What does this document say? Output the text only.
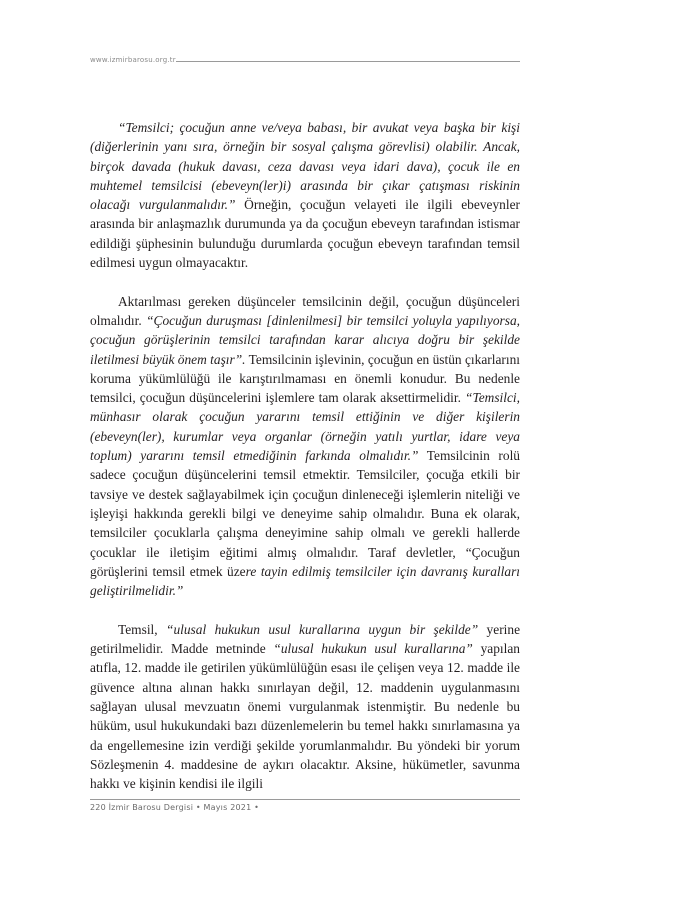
www.izmirbarosu.org.tr

“Temsilci; çocuğun anne ve/veya babası, bir avukat veya başka bir kişi (diğerlerinin yanı sıra, örneğin bir sosyal çalışma görevlisi) olabilir. Ancak, birçok davada (hukuk davası, ceza davası veya idari dava), çocuk ile en muhtemel temsilcisi (ebeveyn(ler)i) arasında bir çıkar çatışması riskinin olacağı vurgulanmalıdır.” Örneğin, çocuğun velayeti ile ilgili ebeveynler arasında bir anlaşmazlık durumunda ya da çocuğun ebeveyn tarafından istismar edildiği şüphesinin bulunduğu durumlarda çocuğun ebeveyn tarafından temsil edilmesi uygun olmayacaktır.

Aktarılması gereken düşünceler temsilcinin değil, çocuğun düşünceleri olmalıdır. “Çocuğun duruşması [dinlenilmesi] bir temsilci yoluyla yapılıyorsa, çocuğun görüşlerinin temsilci tarafından karar alıcıya doğru bir şekilde iletilmesi büyük önem taşır”. Temsilcinin işlevinin, çocuğun en üstün çıkarlarını koruma yükümlülüğü ile karıştırılmaması en önemli konudur. Bu nedenle temsilci, çocuğun düşüncelerini işlemlere tam olarak aksettirmelidir. “Temsilci, münhasır olarak çocuğun yararını temsil ettiğinin ve diğer kişilerin (ebeveyn(ler), kurumlar veya organlar (örneğin yatılı yurtlar, idare veya toplum) yararını temsil etmediğinin farkında olmalıdır.” Temsilcinin rolü sadece çocuğun düşüncelerini temsil etmektir. Temsilciler, çocuğa etkili bir tavsiye ve destek sağlayabilmek için çocuğun dinleneceği işlemlerin niteliği ve işleyişi hakkında gerekli bilgi ve deneyime sahip olmalıdır. Buna ek olarak, temsilciler çocuklarla çalışma deneyimine sahip olmalı ve gerekli hallerde çocuklar ile iletişim eğitimi almış olmalıdır. Taraf devletler, “Çocuğun görüşlerini temsil etmek üzere tayin edilmiş temsilciler için davranış kuralları geliştirilmelidir.”

Temsil, “ulusal hukukun usul kurallarına uygun bir şekilde” yerine getirilmelidir. Madde metninde “ulusal hukukun usul kurallarına” yapılan atıfla, 12. madde ile getirilen yükümlülüğün esası ile çelişen veya 12. madde ile güvence altına alınan hakkı sınırlayan değil, 12. maddenin uygulanmasını sağlayan ulusal mevzuatın önemi vurgulanmak istenmiştir. Bu nedenle bu hüküm, usul hukukundaki bazı düzenlemelerin bu temel hakkı sınırlamasına ya da engellemesine izin verdiği şekilde yorumlanmalıdır. Bu yöndeki bir yorum Sözleşmenin 4. maddesine de aykırı olacaktır. Aksine, hükümetler, savunma hakkı ve kişinin kendisi ile ilgili

220 İzmir Barosu Dergisi • Mayıs 2021 •
